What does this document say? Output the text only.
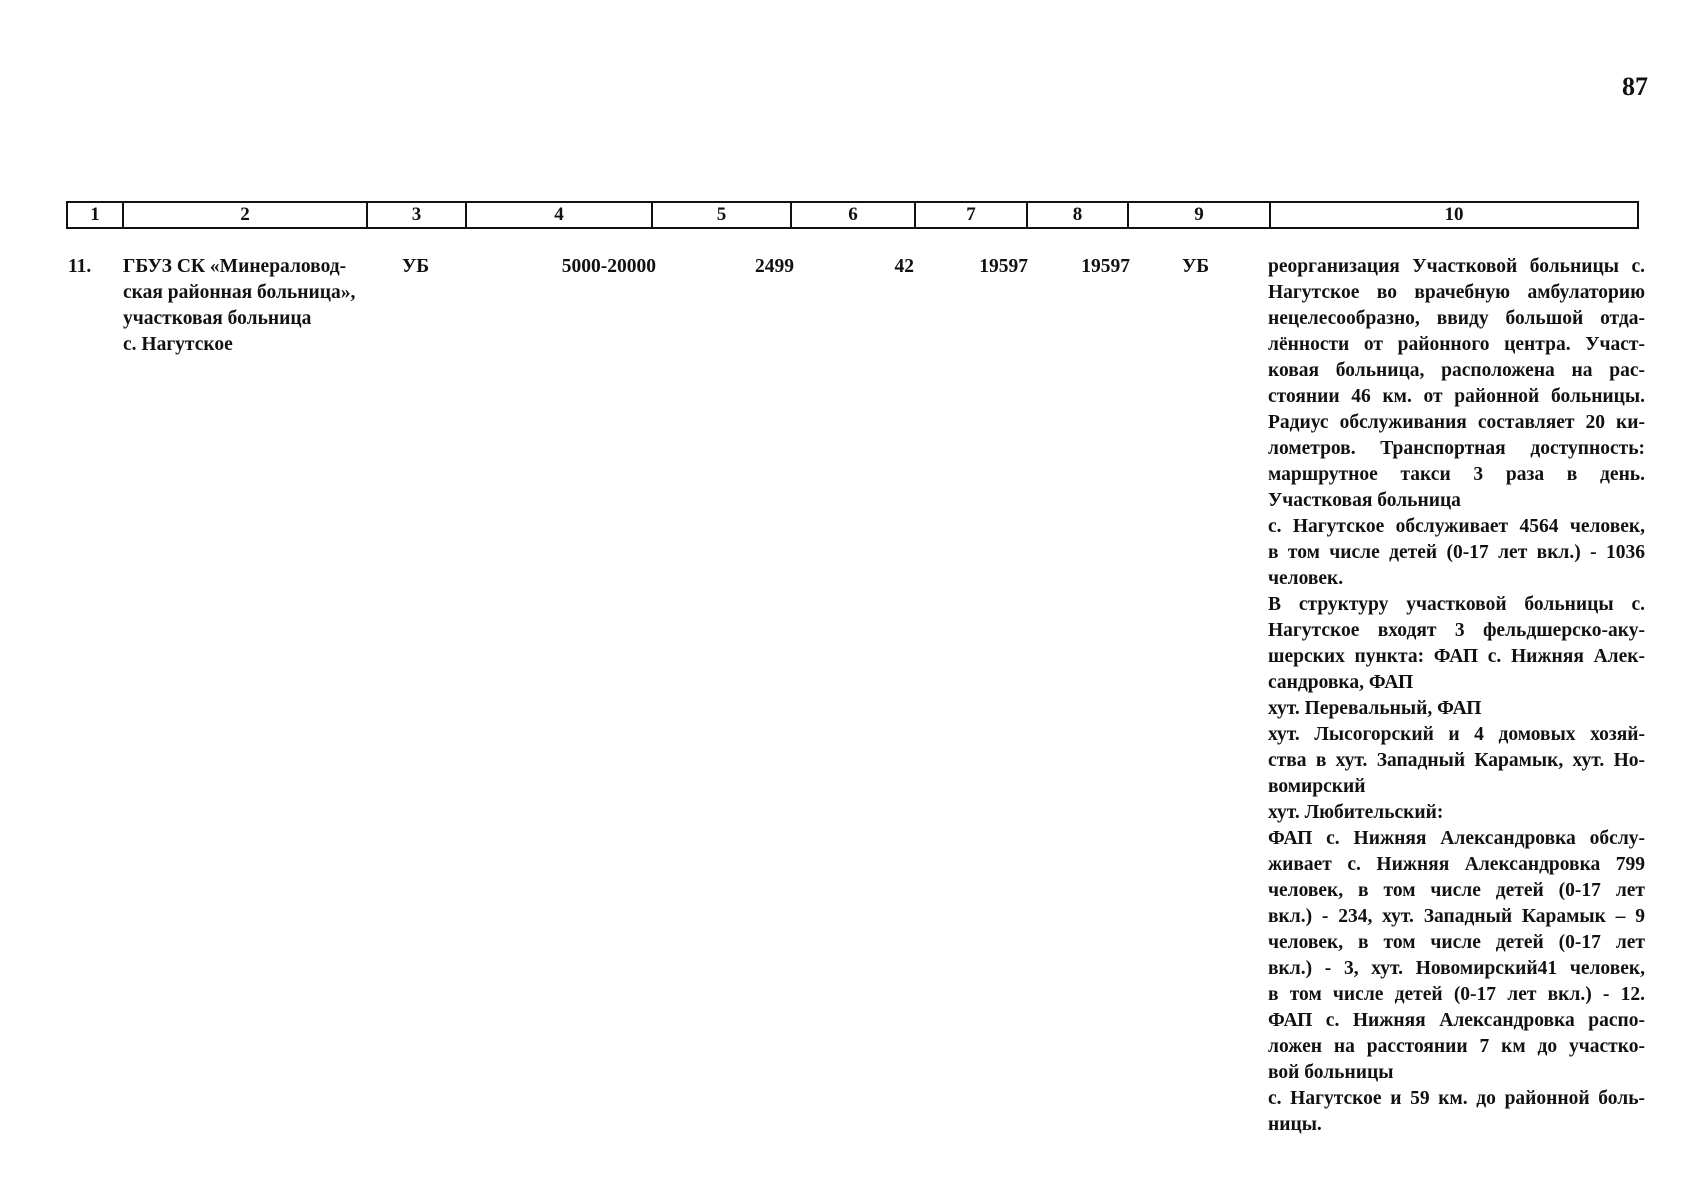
87
1	2	3	4	5	6	7	8	9	10
11. ГБУЗ СК «Минераловод-
ская районная больница»,
участковая больница
с. Нагутское
УБ	5000-20000	2499	42	19597	19597	УБ	реорганизация Участковой больницы с.
Нагутское во врачебную амбулаторию
нецелесообразно, ввиду большой отда-
лённости от районного центра. Участ-
ковая больница, расположена на рас-
стоянии 46 км. от районной больницы.
Радиус обслуживания составляет 20 ки-
лометров. Транспортная доступность:
маршрутное такси 3 раза в день.
Участковая больница
с. Нагутское обслуживает 4564 человек,
в том числе детей (0-17 лет вкл.) - 1036
человек.
В структуру участковой больницы с.
Нагутское входят 3 фельдшерско-аку-
шерских пункта: ФАП с. Нижняя Алек-
сандровка, ФАП
хут. Перевальный, ФАП
хут. Лысогорский и 4 домовых хозяй-
ства в хут. Западный Карамык, хут. Но-
вомирский
хут. Любительский:
ФАП с. Нижняя Александровка обслу-
живает с. Нижняя Александровка 799
человек, в том числе детей (0-17 лет
вкл.) - 234, хут. Западный Карамык – 9
человек, в том числе детей (0-17 лет
вкл.) - 3, хут. Новомирский41 человек,
в том числе детей (0-17 лет вкл.) - 12.
ФАП с. Нижняя Александровка распо-
ложен на расстоянии 7 км до участко-
вой больницы
с. Нагутское и 59 км. до районной боль-
ницы.
